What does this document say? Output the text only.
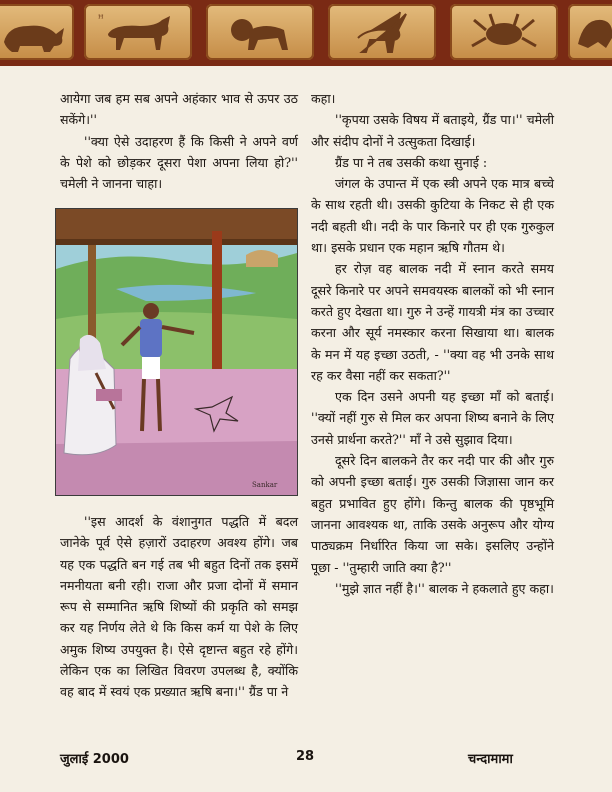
ꟸ

आयेगा जब हम सब अपने अहंकार भाव से ऊपर उठ सकेंगे।''

''क्या ऐसे उदाहरण हैं कि किसी ने अपने वर्ण के पेशे को छोड़कर दूसरा पेशा अपना लिया हो?'' चमेली ने जानना चाहा।

Sankar

''इस आदर्श के वंशानुगत पद्धति में बदल जानेके पूर्व ऐसे हज़ारों उदाहरण अवश्य होंगे। जब यह एक पद्धति बन गई तब भी बहुत दिनों तक इसमें नमनीयता बनी रही। राजा और प्रजा दोनों में समान रूप से सम्मानित ऋषि शिष्यों की प्रकृति को समझ कर यह निर्णय लेते थे कि किस कर्म या पेशे के लिए अमुक शिष्य उपयुक्त है। ऐसे दृष्टान्त बहुत रहे होंगे। लेकिन एक का लिखित विवरण उपलब्ध है, क्योंकि वह बाद में स्वयं एक प्रख्यात ऋषि बना।'' ग्रैंड पा ने

कहा।

''कृपया उसके विषय में बताइये, ग्रैंड पा।'' चमेली और संदीप दोनों ने उत्सुकता दिखाई।

ग्रैंड पा ने तब उसकी कथा सुनाई :

जंगल के उपान्त में एक स्त्री अपने एक मात्र बच्चे के साथ रहती थी। उसकी कुटिया के निकट से ही एक नदी बहती थी। नदी के पार किनारे पर ही एक गुरुकुल था। इसके प्रधान एक महान ऋषि गौतम थे।

हर रोज़ वह बालक नदी में स्नान करते समय दूसरे किनारे पर अपने समवयस्क बालकों को भी स्नान करते हुए देखता था। गुरु ने उन्हें गायत्री मंत्र का उच्चार करना और सूर्य नमस्कार करना सिखाया था। बालक के मन में यह इच्छा उठती, - ''क्या वह भी उनके साथ रह कर वैसा नहीं कर सकता?''

एक दिन उसने अपनी यह इच्छा माँ को बताई। ''क्यों नहीं गुरु से मिल कर अपना शिष्य बनाने के लिए उनसे प्रार्थना करते?'' माँ ने उसे सुझाव दिया।

दूसरे दिन बालकने तैर कर नदी पार की और गुरु को अपनी इच्छा बताई। गुरु उसकी जिज्ञासा जान कर बहुत प्रभावित हुए होंगे। किन्तु बालक की पृष्ठभूमि जानना आवश्यक था, ताकि उसके अनुरूप और योग्य पाठ्यक्रम निर्धारित किया जा सके। इसलिए उन्होंने पूछा - ''तुम्हारी जाति क्या है?''

''मुझे ज्ञात नहीं है।'' बालक ने हकलाते हुए कहा।

जुलाई 2000	28	चन्दामामा
